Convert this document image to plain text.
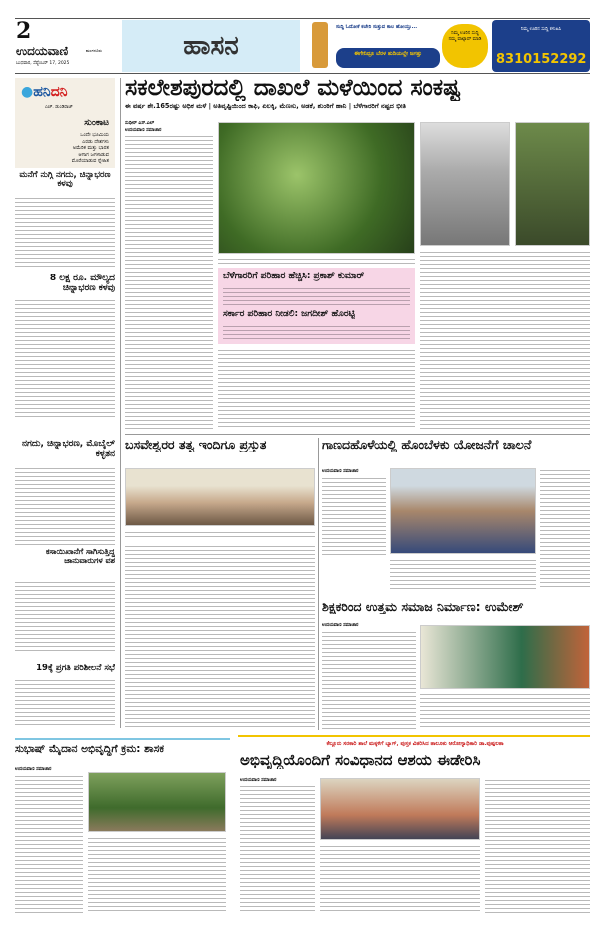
2
ಉದಯವಾಣಿ	ಮಂಗಳೂರು
ಬುಧವಾರ, ಸೆಪ್ಟೆಂಬರ್ 17, 2025
ಹಾಸನ
ಸುದ್ದಿ ಓದೋಕೆ ಕಚೇರಿ ಸುತ್ತುವ ಕಾಲ ಹೋಯ್ತು...
ಈಗೇನಿದ್ರೂ ಬೆರಳ ತುದಿಯಲ್ಲೇ ಜಗತ್ತು
ನಿಮ್ಮ ಊರಿನ ಸುದ್ದಿ ನಮ್ಮ ವಾಟ್ಸಾಪ್ ಮಾಡಿ
ನಿಮ್ಮ ಊರಿನ ಸುದ್ದಿ ಕಳುಹಿಸಿ
8310152292
●ಹನಿದನಿ
ಎಚ್. ಡುಂಡಿರಾಜ್
ಸುಂಕಾಟ
ಒಂದೇ ಭೂಮಿಯ
ಎರಡು ದೇಶಗಳು
ಅಮೆರಿಕ ಮತ್ತು ಭಾರತ
ಆಗಾಗ ಜಗಳಾಡುವ
ಮೊರೆಯಾಡುವ ಸ್ನೇಹಿತ
ಮನೆಗೆ ನುಗ್ಗಿ ನಗದು, ಚಿನ್ನಾಭರಣ ಕಳವು
8 ಲಕ್ಷ ರೂ. ಮೌಲ್ಯದ ಚಿನ್ನಾಭರಣ ಕಳವು
ನಗದು, ಚಿನ್ನಾಭರಣ, ಮೊಬೈಲ್ ಕಳ್ಳತನ
ಕಸಾಯಿಖಾನೆಗೆ ಸಾಗಿಸುತ್ತಿದ್ದ ಜಾನುವಾರುಗಳ ವಶ
19ಕ್ಕೆ ಪ್ರಗತಿ ಪರಿಶೀಲನೆ ಸಭೆ
ಸಕಲೇಶಪುರದಲ್ಲಿ ದಾಖಲೆ ಮಳೆಯಿಂದ ಸಂಕಷ್ಟ
ಈ ವರ್ಷ ಶೇ.165ರಷ್ಟು ಅಧಿಕ ಮಳೆ | ಅತಿವೃಷ್ಟಿಯಿಂದ ಕಾಫಿ, ಏಲಕ್ಕಿ, ಮೆಣಸು, ಅಡಕೆ, ಶುಂಠಿಗೆ ಹಾನಿ | ಬೆಳೆಗಾರರಿಗೆ ನಷ್ಟದ ಭೀತಿ
ಸುಧೀರ್ ಎಸ್.ಎಲ್
ಉದಯವಾಣಿ ಸಮಾಚಾರ
ಬೆಳೆಗಾರರಿಗೆ ಪರಿಹಾರ ಹೆಚ್ಚಿಸಿ: ಪ್ರಕಾಶ್ ಕುಮಾರ್
ಸರ್ಕಾರ ಪರಿಹಾರ ನೀಡಲಿ: ಜಗದೀಶ್ ಹೊರಟ್ಟಿ
ಬಸವೇಶ್ವರರ ತತ್ವ ಇಂದಿಗೂ ಪ್ರಸ್ತುತ	ಗಾಣದಹೊಳೆಯಲ್ಲಿ ಹೊಂಬೆಳಕು ಯೋಜನೆಗೆ ಚಾಲನೆ
ಉದಯವಾಣಿ ಸಮಾಚಾರ
ಶಿಕ್ಷಕರಿಂದ ಉತ್ತಮ ಸಮಾಜ ನಿರ್ಮಾಣ: ಉಮೇಶ್
ಉದಯವಾಣಿ ಸಮಾಚಾರ
ಸುಭಾಷ್ ಮೈದಾನ ಅಭಿವೃದ್ಧಿಗೆ ಕ್ರಮ: ಶಾಸಕ
ಉದಯವಾಣಿ ಸಮಾಚಾರ
ಕೆಲ್ಲೂರು ಸರಕಾರಿ ಶಾಲೆ ಮಕ್ಕಳಿಗೆ ಬ್ಯಾಗ್, ಪುಸ್ತಕ ವಿತರಿಸಿದ ತಾಲೂಕು ಆರೋಗ್ಯಾಧಿಕಾರಿ ಡಾ.ಪುಷ್ಪಲತಾ
ಅಭಿವೃದ್ಧಿಯೊಂದಿಗೆ ಸಂವಿಧಾನದ ಆಶಯ ಈಡೇರಿಸಿ
ಉದಯವಾಣಿ ಸಮಾಚಾರ
